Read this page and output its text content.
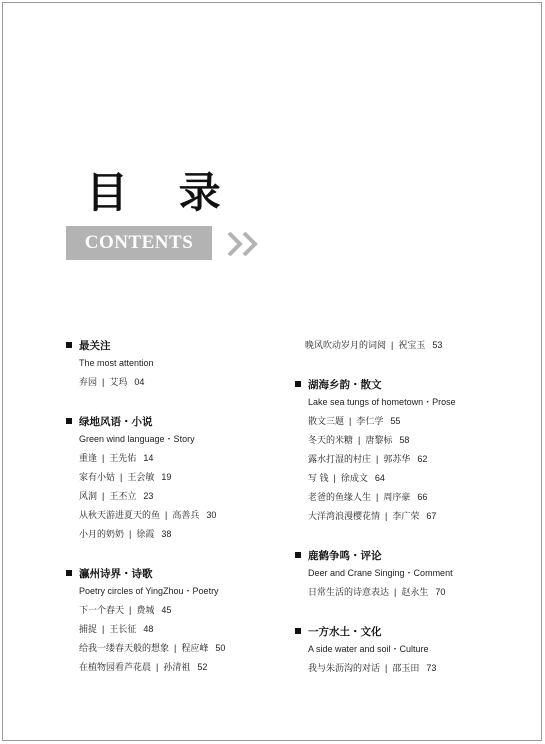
目 录
CONTENTS
最关注
The most attention
弃园 | 艾玛 04
绿地风语・小说
Green wind language・Story
重逢 | 王先佑 14
家有小姑 | 王会敏 19
风洞 | 王丕立 23
从秋天游进夏天的鱼 | 高善兵 30
小月的奶奶 | 徐霞 38
瀛州诗界・诗歌
Poetry circles of YingZhou・Poetry
下一个春天 | 费城 45
捕捉 | 王长征 48
给我一缕春天般的想象 | 程应峰 50
在植物园看芦花晨 | 孙清祖 52
晚风吹动岁月的词阅 | 祝宝玉 53
湖海乡韵・散文
Lake sea tungs of hometown・Prose
散文三题 | 李仁学 55
冬天的米糖 | 唐黎标 58
露水打湿的村庄 | 郭苏华 62
写 钱 | 徐成文 64
老爸的鱼缘人生 | 周序豪 66
大洋湾浪漫樱花情 | 李广荣 67
鹿鹤争鸣・评论
Deer and Crane Singing・Comment
日常生活的诗意表达 | 赵永生 70
一方水土・文化
A side water and soil・Culture
我与朱沥沟的对话 | 邵玉田 73
